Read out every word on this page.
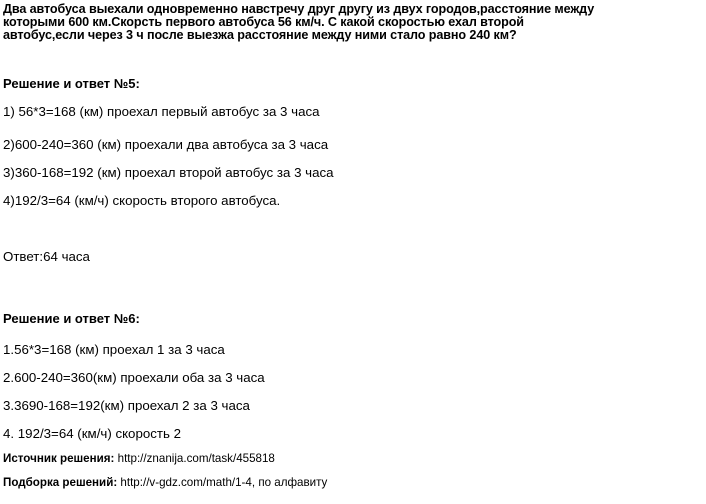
Два автобуса выехали одновременно навстречу друг другу из двух городов,расстояние между
которыми 600 км.Скорсть первого автобуса 56 км/ч. С какой скоростью ехал второй
автобус,если через 3 ч после выезжа расстояние между ними стало равно 240 км?

Решение и ответ №5:

1) 56*3=168 (км) проехал первый автобус за 3 часа

2)600-240=360 (км) проехали два автобуса за 3 часа

3)360-168=192 (км) проехал второй автобус за 3 часа

4)192/3=64 (км/ч) скорость второго автобуса.

Ответ:64 часа

Решение и ответ №6:

1.56*3=168 (км) проехал 1 за 3 часа

2.600-240=360(км) проехали оба за 3 часа

3.3690-168=192(км) проехал 2 за 3 часа

4. 192/3=64 (км/ч) скорость 2

Источник решения: http://znanija.com/task/455818

Подборка решений: http://v-gdz.com/math/1-4, по алфавиту
